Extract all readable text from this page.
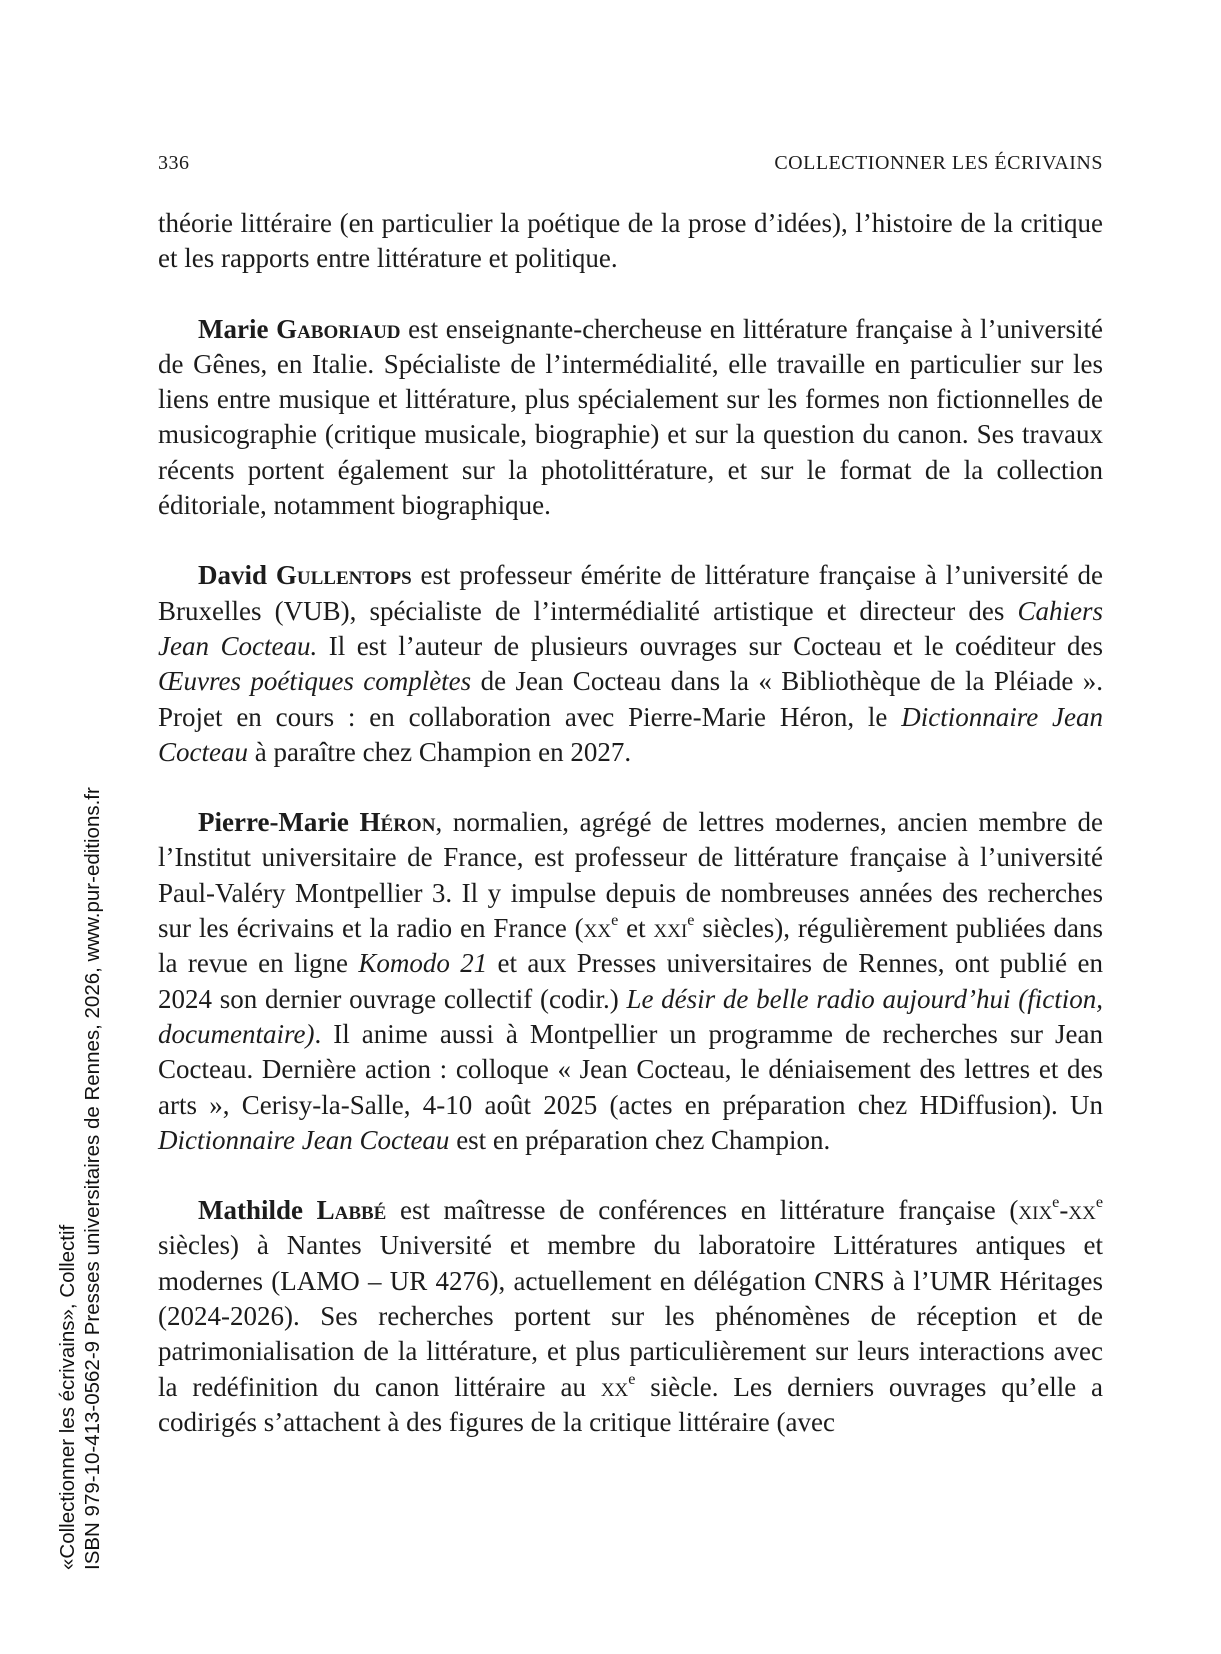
336	COLLECTIONNER LES ÉCRIVAINS

théorie littéraire (en particulier la poétique de la prose d’idées), l’histoire de la critique et les rapports entre littérature et politique.

Marie Gaboriaud est enseignante-chercheuse en littérature française à l’université de Gênes, en Italie. Spécialiste de l’intermédialité, elle travaille en particulier sur les liens entre musique et littérature, plus spécialement sur les formes non fictionnelles de musicographie (critique musicale, biographie) et sur la question du canon. Ses travaux récents portent également sur la photolittérature, et sur le format de la collection éditoriale, notamment biographique.

David Gullentops est professeur émérite de littérature française à l’université de Bruxelles (VUB), spécialiste de l’intermédialité artistique et directeur des Cahiers Jean Cocteau. Il est l’auteur de plusieurs ouvrages sur Cocteau et le coéditeur des Œuvres poétiques complètes de Jean Cocteau dans la « Bibliothèque de la Pléiade ». Projet en cours : en collaboration avec Pierre-Marie Héron, le Dictionnaire Jean Cocteau à paraître chez Champion en 2027.

Pierre-Marie Héron, normalien, agrégé de lettres modernes, ancien membre de l’Institut universitaire de France, est professeur de littérature française à l’université Paul-Valéry Montpellier 3. Il y impulse depuis de nombreuses années des recherches sur les écrivains et la radio en France ($xx^e$ et xxi$^e$ siècles), régulièrement publiées dans la revue en ligne Komodo 21 et aux Presses universitaires de Rennes, ont publié en 2024 son dernier ouvrage collectif (codir.) Le désir de belle radio aujourd’hui (fiction, documentaire). Il anime aussi à Montpellier un programme de recherches sur Jean Cocteau. Dernière action : colloque « Jean Cocteau, le déniaisement des lettres et des arts », Cerisy-la-Salle, 4-10 août 2025 (actes en préparation chez HDiffusion). Un Dictionnaire Jean Cocteau est en préparation chez Champion.

Mathilde Labbé est maîtresse de conférences en littérature française ($xix^e-xx^e$ siècles) à Nantes Université et membre du laboratoire Littératures antiques et modernes (LAMO – UR 4276), actuellement en délégation CNRS à l’UMR Héritages (2024-2026). Ses recherches portent sur les phénomènes de réception et de patrimonialisation de la littérature, et plus particulièrement sur leurs interactions avec la redéfinition du canon littéraire au $xx^e$ siècle. Les derniers ouvrages qu’elle a codirigés s’attachent à des figures de la critique littéraire (avec

«Collectionner les écrivains», Collectif ISBN 979-10-413-0562-9 Presses universitaires de Rennes, 2026, www.pur-editions.fr
